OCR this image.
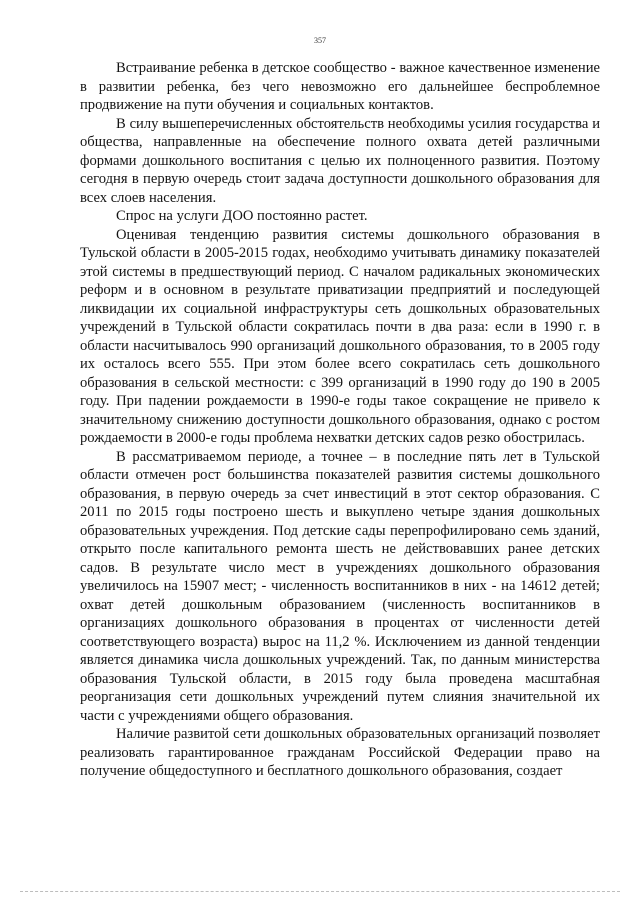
357

Встраивание ребенка в детское сообщество - важное качественное изменение в развитии ребенка, без чего невозможно его дальнейшее беспроблемное продвижение на пути обучения и социальных контактов.

В силу вышеперечисленных обстоятельств необходимы усилия государства и общества, направленные на обеспечение полного охвата детей различными формами дошкольного воспитания с целью их полноценного развития. Поэтому сегодня в первую очередь стоит задача доступности дошкольного образования для всех слоев населения.

Спрос на услуги ДОО постоянно растет.

Оценивая тенденцию развития системы дошкольного образования в Тульской области в 2005-2015 годах, необходимо учитывать динамику показателей этой системы в предшествующий период. С началом радикальных экономических реформ и в основном в результате приватизации предприятий и последующей ликвидации их социальной инфраструктуры сеть дошкольных образовательных учреждений в Тульской области сократилась почти в два раза: если в 1990 г. в области насчитывалось 990 организаций дошкольного образования, то в 2005 году их осталось всего 555. При этом более всего сократилась сеть дошкольного образования в сельской местности: с 399 организаций в 1990 году до 190 в 2005 году. При падении рождаемости в 1990-е годы такое сокращение не привело к значительному снижению доступности дошкольного образования, однако с ростом рождаемости в 2000-е годы проблема нехватки детских садов резко обострилась.

В рассматриваемом периоде, а точнее – в последние пять лет в Тульской области отмечен рост большинства показателей развития системы дошкольного образования, в первую очередь за счет инвестиций в этот сектор образования. С 2011 по 2015 годы построено шесть и выкуплено четыре здания дошкольных образовательных учреждения. Под детские сады перепрофилировано семь зданий, открыто после капитального ремонта шесть не действовавших ранее детских садов. В результате число мест в учреждениях дошкольного образования увеличилось на 15907 мест; - численность воспитанников в них - на 14612 детей; охват детей дошкольным образованием (численность воспитанников в организациях дошкольного образования в процентах от численности детей соответствующего возраста) вырос на 11,2 %. Исключением из данной тенденции является динамика числа дошкольных учреждений. Так, по данным министерства образования Тульской области, в 2015 году была проведена масштабная реорганизация сети дошкольных учреждений путем слияния значительной их части с учреждениями общего образования.

Наличие развитой сети дошкольных образовательных организаций позволяет реализовать гарантированное гражданам Российской Федерации право на получение общедоступного и бесплатного дошкольного образования, создает
